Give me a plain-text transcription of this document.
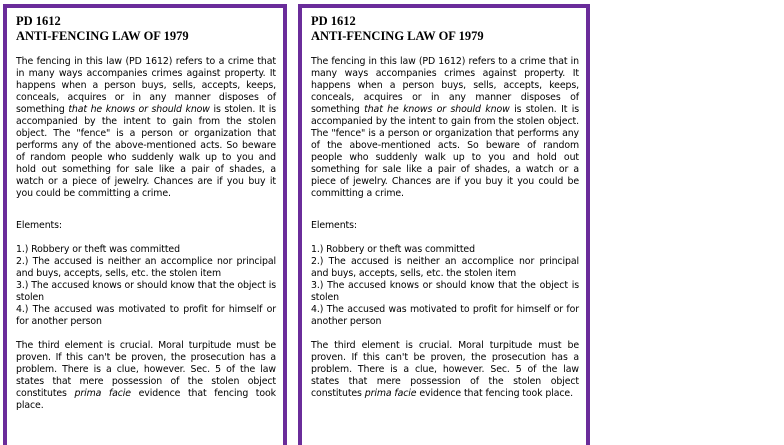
PD 1612

ANTI-FENCING LAW OF 1979

The fencing in this law (PD 1612) refers to a crime that in many ways accompanies crimes against property. It happens when a person buys, sells, accepts, keeps, conceals, acquires or in any manner disposes of something that he knows or should know is stolen. It is accompanied by the intent to gain from the stolen object. The "fence" is a person or organization that performs any of the above-mentioned acts. So beware of random people who suddenly walk up to you and hold out something for sale like a pair of shades, a watch or a piece of jewelry. Chances are if you buy it you could be committing a crime.

Elements:

1.) Robbery or theft was committed
2.) The accused is neither an accomplice nor principal and buys, accepts, sells, etc. the stolen item
3.) The accused knows or should know that the object is stolen
4.) The accused was motivated to profit for himself or for another person

The third element is crucial. Moral turpitude must be proven. If this can't be proven, the prosecution has a problem. There is a clue, however. Sec. 5 of the law states that mere possession of the stolen object constitutes prima facie evidence that fencing took place.

PD 1612

ANTI-FENCING LAW OF 1979

The fencing in this law (PD 1612) refers to a crime that in many ways accompanies crimes against property. It happens when a person buys, sells, accepts, keeps, conceals, acquires or in any manner disposes of something that he knows or should know is stolen. It is accompanied by the intent to gain from the stolen object. The "fence" is a person or organization that performs any of the above-mentioned acts. So beware of random people who suddenly walk up to you and hold out something for sale like a pair of shades, a watch or a piece of jewelry. Chances are if you buy it you could be committing a crime.

Elements:

1.) Robbery or theft was committed
2.) The accused is neither an accomplice nor principal and buys, accepts, sells, etc. the stolen item
3.) The accused knows or should know that the object is stolen
4.) The accused was motivated to profit for himself or for another person

The third element is crucial. Moral turpitude must be proven. If this can't be proven, the prosecution has a problem. There is a clue, however. Sec. 5 of the law states that mere possession of the stolen object constitutes prima facie evidence that fencing took place.
